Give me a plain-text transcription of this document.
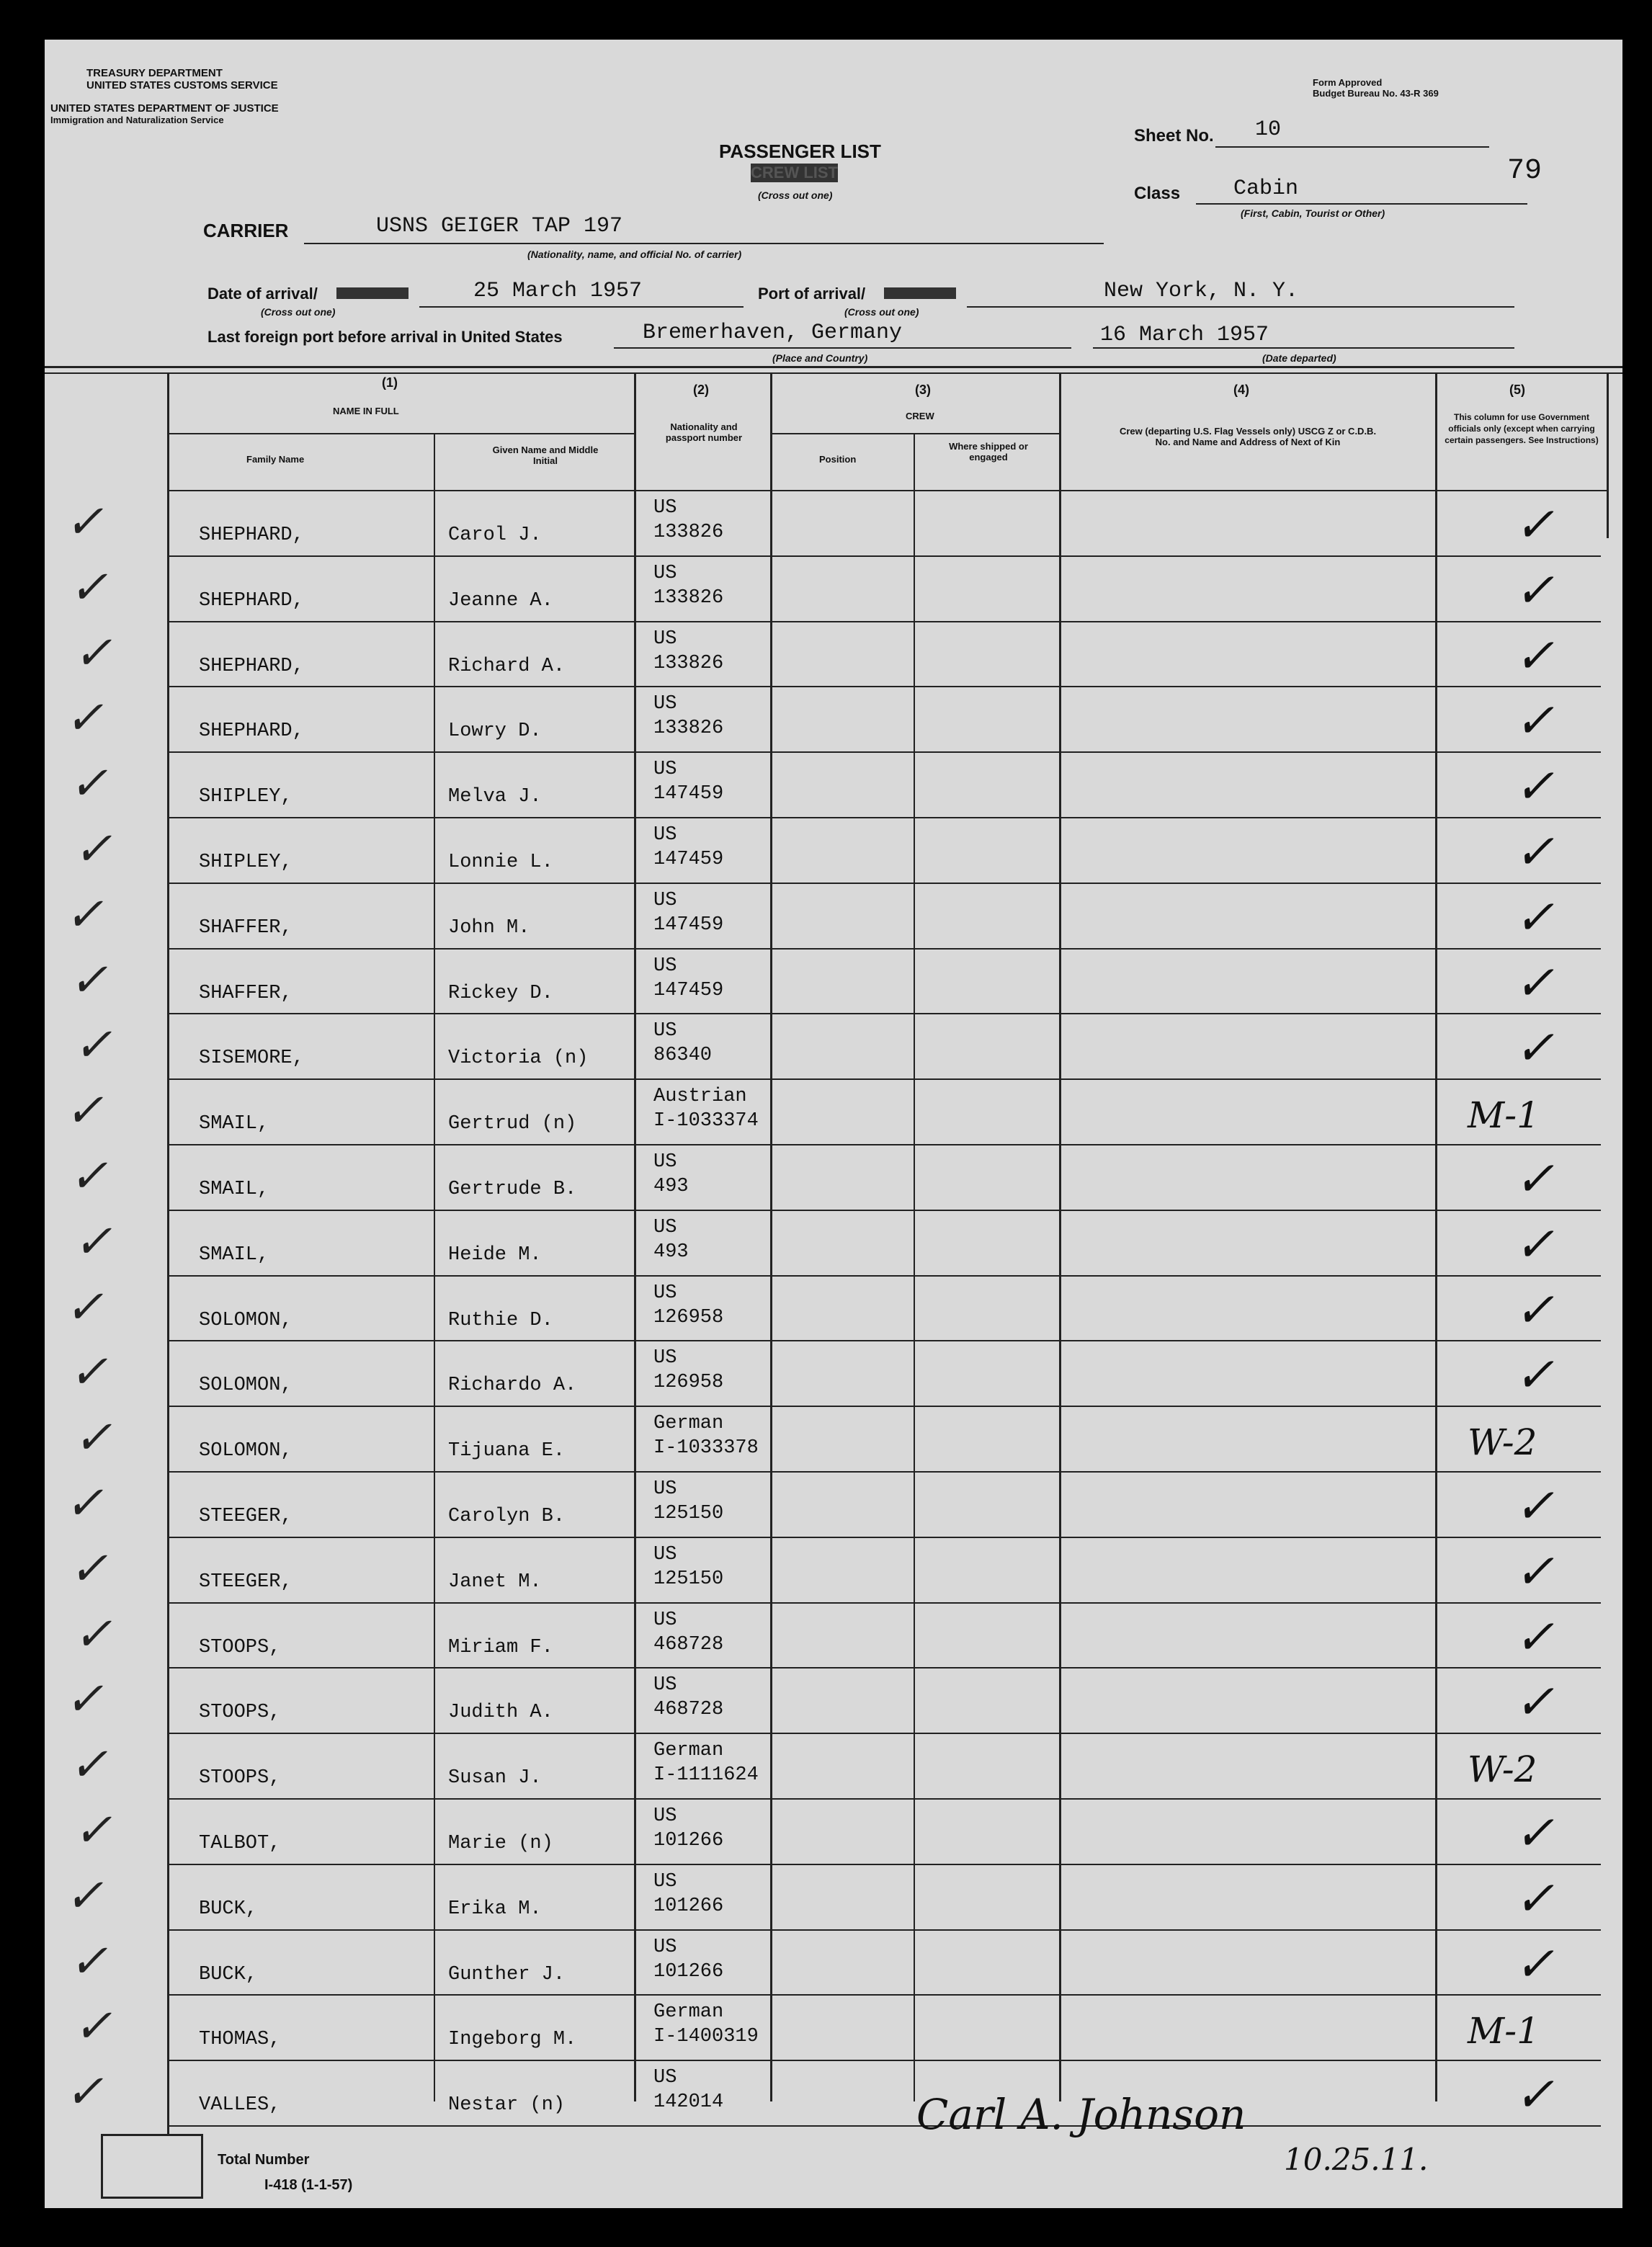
TREASURY DEPARTMENT
UNITED STATES CUSTOMS SERVICE
UNITED STATES DEPARTMENT OF JUSTICE
Immigration and Naturalization Service
Form Approved
Budget Bureau No. 43-R 369
PASSENGER LIST
CREW LIST
(Cross out one)
Sheet No. 10
79
Class Cabin
(First, Cabin, Tourist or Other)
CARRIER	USNS GEIGER TAP 197
(Nationality, name, and official No. of carrier)
Date of arrival/
(Cross out one)
25 March 1957	Port of arrival/
(Cross out one)
New York, N. Y.
Last foreign port before arrival in United States	Bremerhaven, Germany
(Place and Country)
16 March 1957
(Date departed)
(1)
NAME IN FULL
Family Name
Given Name and Middle Initial
(2)
Nationality and passport number
(3)
CREW
Position
Where shipped or engaged
(4)
Crew (departing U.S. Flag Vessels only) USCG Z or C.D.B. No. and Name and Address of Next of Kin
(5)
This column for use Government officials only (except when carrying certain passengers. See Instructions)
✓	SHEPHARD,	Carol J.
US
133826	✓
✓	SHEPHARD,	Jeanne A.
US
133826	✓
✓	SHEPHARD,	Richard A.
US
133826	✓
✓	SHEPHARD,	Lowry D.
US
133826	✓
✓	SHIPLEY,	Melva J.
US
147459	✓
✓	SHIPLEY,	Lonnie L.
US
147459	✓
✓	SHAFFER,	John M.
US
147459	✓
✓	SHAFFER,	Rickey D.
US
147459	✓
✓	SISEMORE,	Victoria (n)
US
86340	✓
✓	SMAIL,	Gertrud (n)
Austrian
I-1033374	M-1
✓	SMAIL,	Gertrude B.
US
493	✓
✓	SMAIL,	Heide M.
US
493	✓
✓	SOLOMON,	Ruthie D.
US
126958	✓
✓	SOLOMON,	Richardo A.
US
126958	✓
✓	SOLOMON,	Tijuana E.
German
I-1033378	W-2
✓	STEEGER,	Carolyn B.
US
125150	✓
✓	STEEGER,	Janet M.
US
125150	✓
✓	STOOPS,	Miriam F.
US
468728	✓
✓	STOOPS,	Judith A.
US
468728	✓
✓	STOOPS,	Susan J.
German
I-1111624	W-2
✓	TALBOT,	Marie (n)
US
101266	✓
✓	BUCK,	Erika M.
US
101266	✓
✓	BUCK,	Gunther J.
US
101266	✓
✓	THOMAS,	Ingeborg M.
German
I-1400319	M-1
✓	VALLES,	Nestar (n)
US
142014	✓
Total Number
I-418 (1-1-57)
Carl A. Johnson
10.25.11.
